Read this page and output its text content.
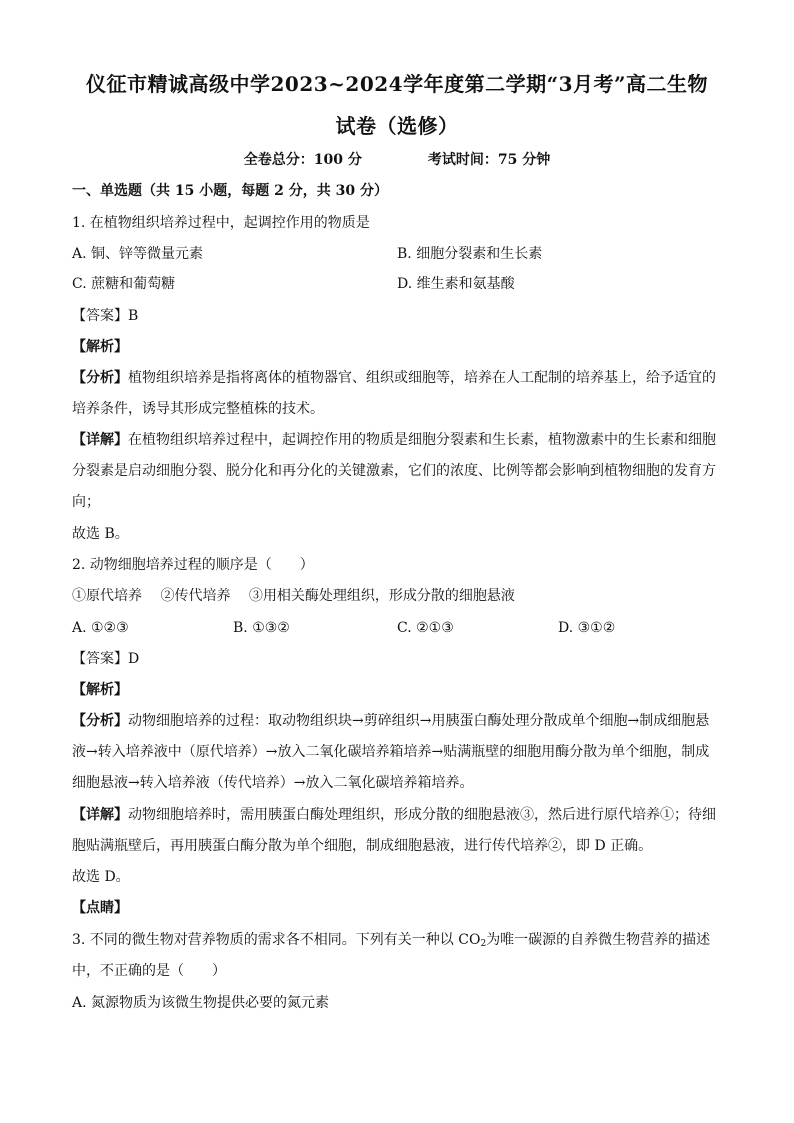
仪征市精诚高级中学2023~2024学年度第二学期“3月考”高二生物
试卷（选修）
全卷总分：100 分	考试时间：75 分钟
一、单选题（共 15 小题，每题 2 分，共 30 分）
1. 在植物组织培养过程中，起调控作用的物质是
A. 铜、锌等微量元素	B. 细胞分裂素和生长素
C. 蔗糖和葡萄糖	D. 维生素和氨基酸
【答案】B
【解析】
【分析】植物组织培养是指将离体的植物器官、组织或细胞等，培养在人工配制的培养基上，给予适宜的
培养条件，诱导其形成完整植株的技术。
【详解】在植物组织培养过程中，起调控作用的物质是细胞分裂素和生长素，植物激素中的生长素和细胞
分裂素是启动细胞分裂、脱分化和再分化的关键激素，它们的浓度、比例等都会影响到植物细胞的发育方
向；
故选 B。
2. 动物细胞培养过程的顺序是（　　）
①原代培养　 ②传代培养　 ③用相关酶处理组织，形成分散的细胞悬液
A. ①②③	B. ①③②	C. ②①③	D. ③①②
【答案】D
【解析】
【分析】动物细胞培养的过程：取动物组织块→剪碎组织→用胰蛋白酶处理分散成单个细胞→制成细胞悬
液→转入培养液中（原代培养）→放入二氧化碳培养箱培养→贴满瓶壁的细胞用酶分散为单个细胞，制成
细胞悬液→转入培养液（传代培养）→放入二氧化碳培养箱培养。
【详解】动物细胞培养时，需用胰蛋白酶处理组织，形成分散的细胞悬液③，然后进行原代培养①；待细
胞贴满瓶壁后，再用胰蛋白酶分散为单个细胞，制成细胞悬液，进行传代培养②，即 D 正确。
故选 D。
【点睛】
3. 不同的微生物对营养物质的需求各不相同。下列有关一种以 $CO_2$为唯一碳源的自养微生物营养的描述
中，不正确的是（　　）
A. 氮源物质为该微生物提供必要的氮元素
